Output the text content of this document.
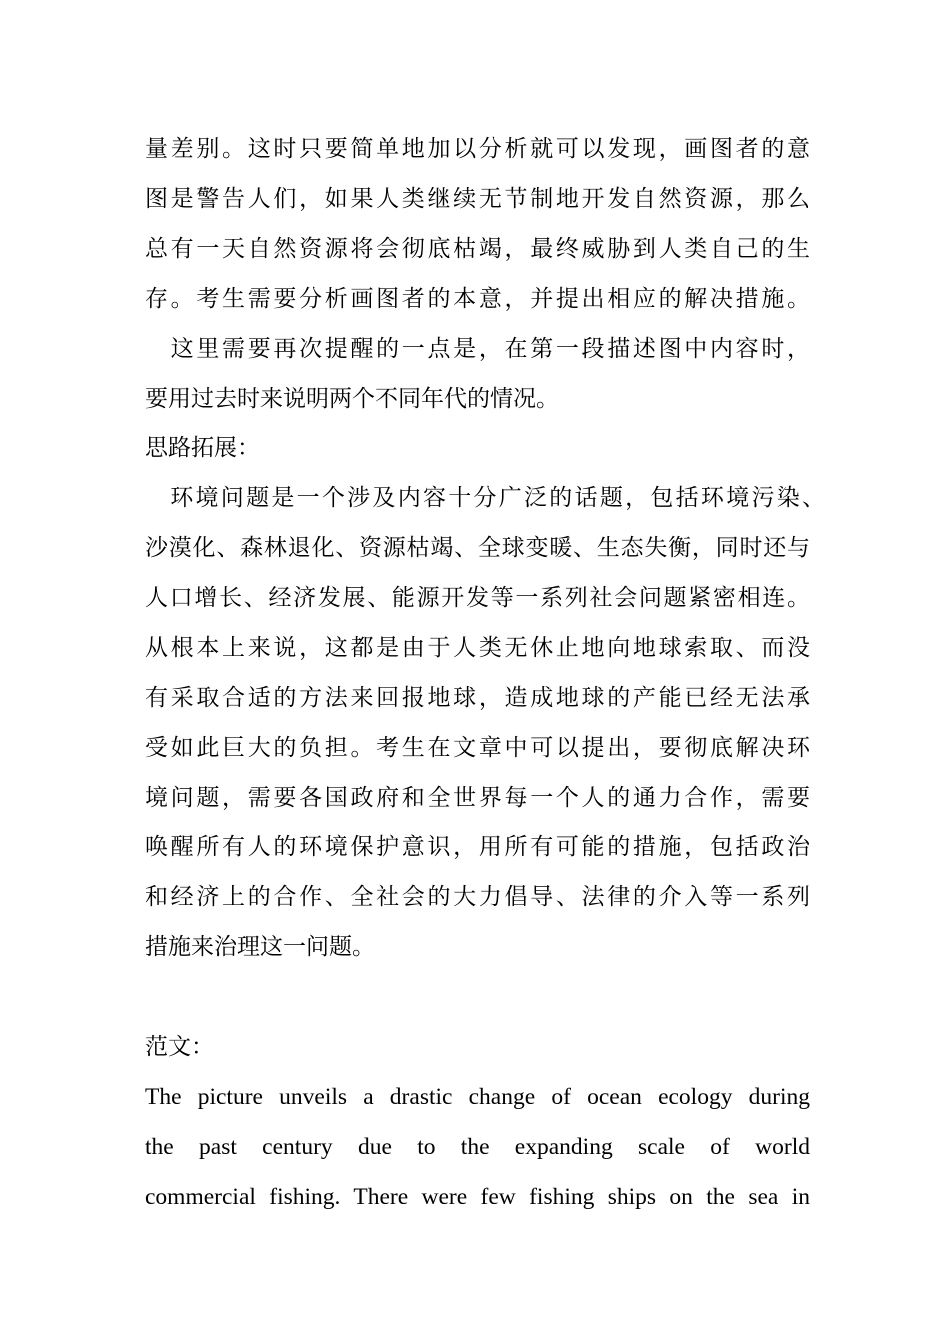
量差别。这时只要简单地加以分析就可以发现，画图者的意
图是警告人们，如果人类继续无节制地开发自然资源，那么
总有一天自然资源将会彻底枯竭，最终威胁到人类自己的生
存。考生需要分析画图者的本意，并提出相应的解决措施。
　这里需要再次提醒的一点是，在第一段描述图中内容时，
要用过去时来说明两个不同年代的情况。
思路拓展：
　环境问题是一个涉及内容十分广泛的话题，包括环境污染、
沙漠化、森林退化、资源枯竭、全球变暖、生态失衡，同时还与
人口增长、经济发展、能源开发等一系列社会问题紧密相连。
从根本上来说，这都是由于人类无休止地向地球索取、而没
有采取合适的方法来回报地球，造成地球的产能已经无法承
受如此巨大的负担。考生在文章中可以提出，要彻底解决环
境问题，需要各国政府和全世界每一个人的通力合作，需要
唤醒所有人的环境保护意识，用所有可能的措施，包括政治
和经济上的合作、全社会的大力倡导、法律的介入等一系列
措施来治理这一问题。
范文：
The picture unveils a drastic change of ocean ecology during
the past century due to the expanding scale of world
commercial fishing. There were few fishing ships on the sea in
